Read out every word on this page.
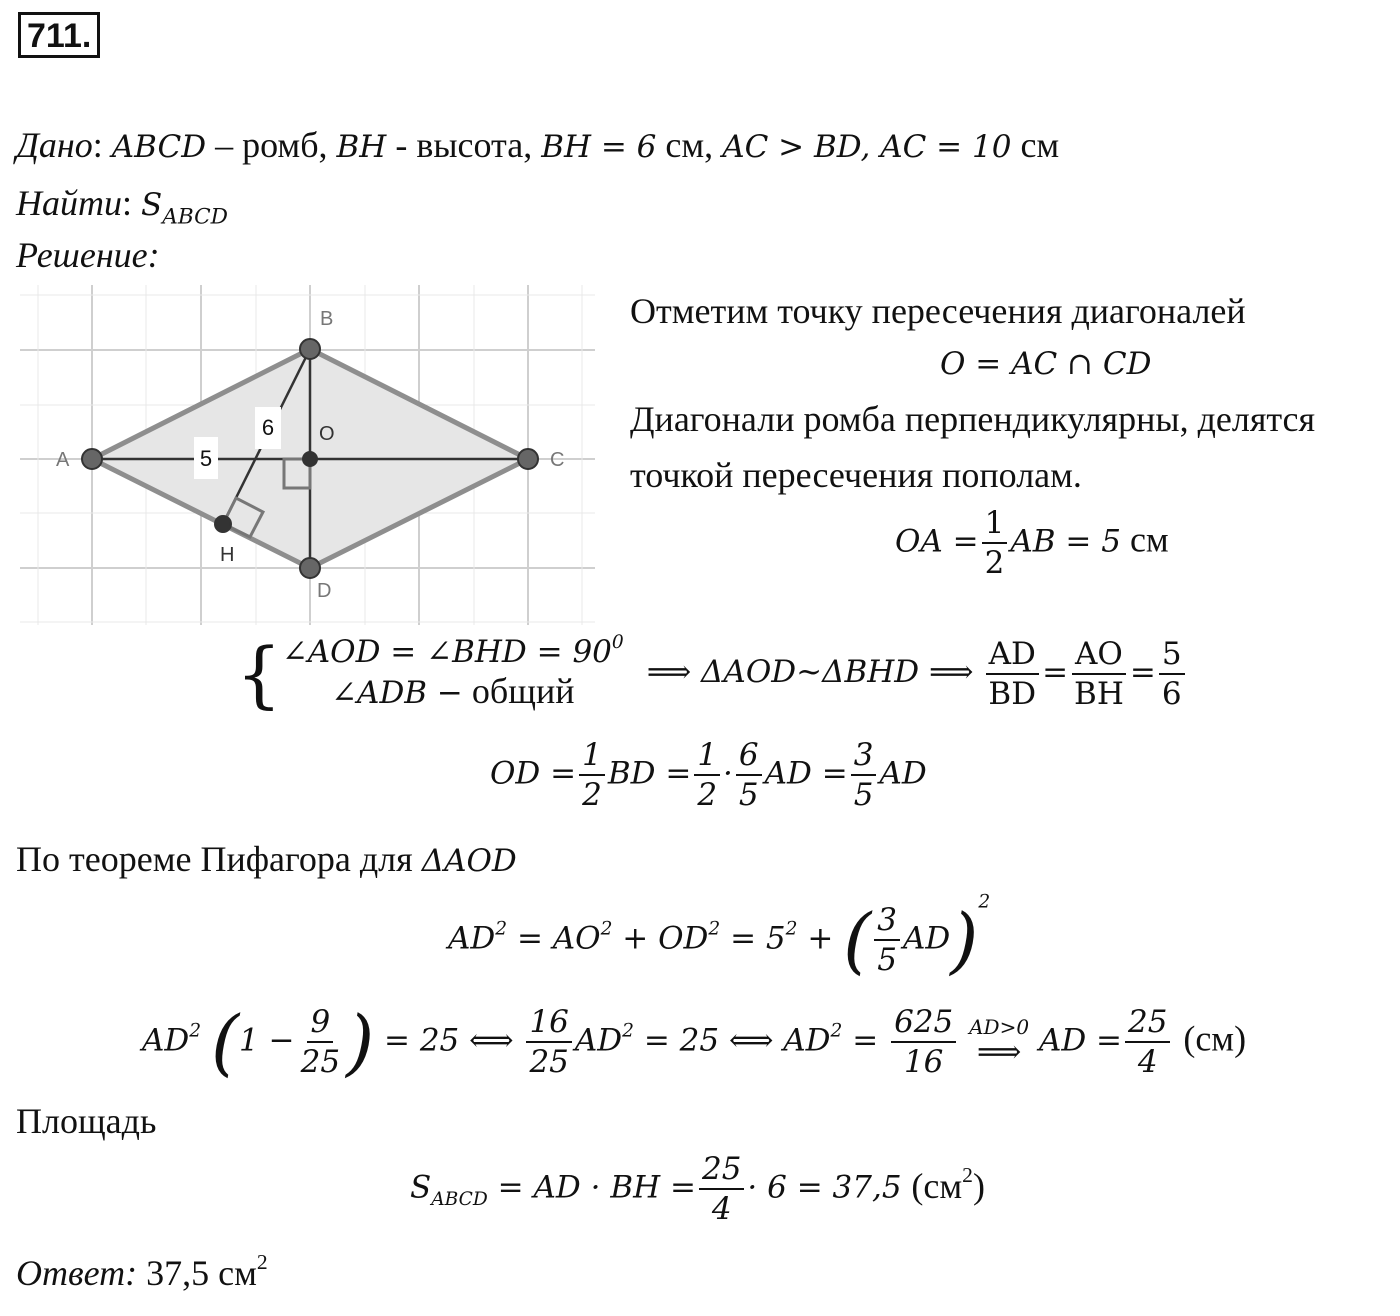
711.
Дано: ABCD – ромб, BH - высота, BH = 6 см, AC > BD, AC = 10 см
Найти: $S_{ABCD}$
Решение:
5
6
A
B
C
D
O
H
Отметим точку пересечения диагоналей
O = AC ∩ CD
Диагонали ромба перпендикулярны, делятся
точкой пересечения пополам.
OA = $\frac{1}{2}$ AB = 5 см
{ ∠AOD = ∠BHD = $90^0$
∠ADB − общий	⟹ ΔAOD~ΔBHD ⟹ $\frac{AD}{BD} = \frac{AO}{BH} = \frac{5}{6}$
OD = $\frac{1}{2}$ BD = $\frac{1}{2} \cdot \frac{6}{5}$ AD = $\frac{3}{5}$ AD
По теореме Пифагора для ΔAOD
$AD^2 = AO^2 + OD^2 = 5^2$ + ( $\frac{3}{5} AD)^2$
$AD^2$ ($1 - \frac{9}{25}$ ) = 25 ⟺ $\frac{16}{25} AD^2 = 25$ ⟺ $AD^2 = \frac{625}{16}$
AD>0
⟹ AD = $\frac{25}{4} (см)$
Площадь
$S_{ABCD}$ = AD · BH = $\frac{25}{4} \cdot 6 = 37,5$ $(см^2)$
Ответ: 37,5 $см^2$
